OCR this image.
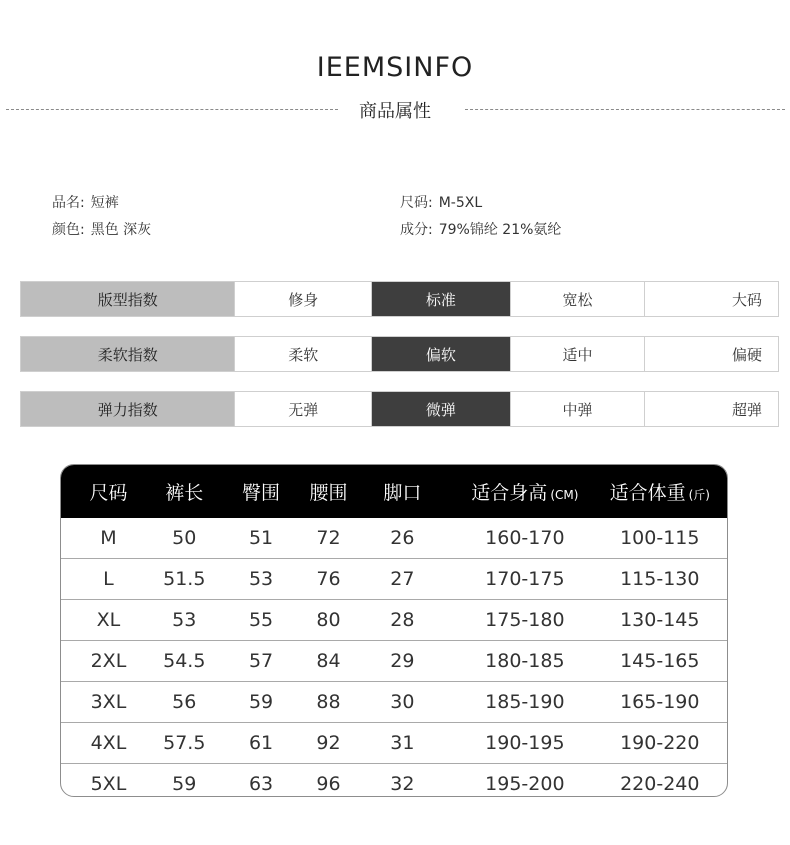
IEEMSINFO
商品属性
品名: 短裤	尺码: M-5XL
颜色: 黑色 深灰	成分: 79%锦纶 21%氨纶
版型指数	修身	标准	宽松	大码
柔软指数	柔软	偏软	适中	偏硬
弹力指数	无弹	微弹	中弹	超弹
尺码	裤长	臀围	腰围	脚口	适合身高 (CM)	适合体重 (斤)
M	50	51	72	26	160-170	100-115
L	51.5	53	76	27	170-175	115-130
XL	53	55	80	28	175-180	130-145
2XL	54.5	57	84	29	180-185	145-165
3XL	56	59	88	30	185-190	165-190
4XL	57.5	61	92	31	190-195	190-220
5XL	59	63	96	32	195-200	220-240
